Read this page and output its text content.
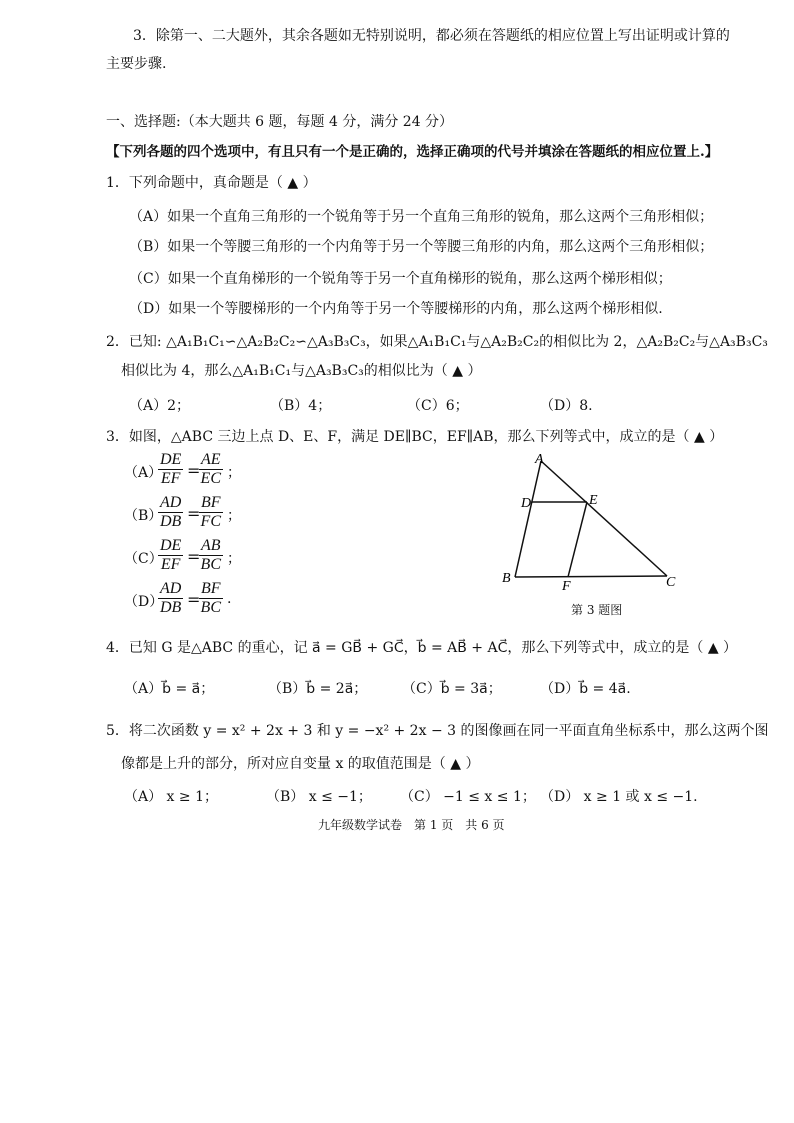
3．除第一、二大题外，其余各题如无特别说明，都必须在答题纸的相应位置上写出证明或计算的
主要步骤.
一、选择题:（本大题共 6 题，每题 4 分，满分 24 分）
【下列各题的四个选项中，有且只有一个是正确的，选择正确项的代号并填涂在答题纸的相应位置上.】
1．下列命题中，真命题是（ ▲ ）
（A）如果一个直角三角形的一个锐角等于另一个直角三角形的锐角，那么这两个三角形相似；
（B）如果一个等腰三角形的一个内角等于另一个等腰三角形的内角，那么这两个三角形相似；
（C）如果一个直角梯形的一个锐角等于另一个直角梯形的锐角，那么这两个梯形相似；
（D）如果一个等腰梯形的一个内角等于另一个等腰梯形的内角，那么这两个梯形相似.
2．已知: △A₁B₁C₁∽△A₂B₂C₂∽△A₃B₃C₃，如果△A₁B₁C₁与△A₂B₂C₂的相似比为 2，△A₂B₂C₂与△A₃B₃C₃
相似比为 4，那么△A₁B₁C₁与△A₃B₃C₃的相似比为（ ▲ ）
（A）2；	（B）4；	（C）6；	（D）8.
3．如图，△ABC 三边上点 D、E、F，满足 DE∥BC，EF∥AB，那么下列等式中，成立的是（ ▲ ）
（A）
$\frac{DE}{EF}$ =
$\frac{AE}{EC}$ ；
（B）
$\frac{AD}{DB}$ =
$\frac{BF}{FC}$ ；
（C）
$\frac{DE}{EF}$ =
$\frac{AB}{BC}$ ；
（D）
$\frac{AD}{DB}$ =
$\frac{BF}{BC}$ .
A
B	C
D	E
F
第 3 题图
4．已知 G 是△ABC 的重心，记 a⃗ = GB⃗ + GC⃗，b⃗ = AB⃗ + AC⃗，那么下列等式中，成立的是（ ▲ ）
（A）b⃗ = a⃗；	（B）b⃗ = 2a⃗； （C）b⃗ = 3a⃗；	（D）b⃗ = 4a⃗.
5．将二次函数 y = x² + 2x + 3 和 y = −x² + 2x − 3 的图像画在同一平面直角坐标系中，那么这两个图
像都是上升的部分，所对应自变量 x 的取值范围是（ ▲ ）
（A） x ≥ 1；	（B） x ≤ −1； （C） −1 ≤ x ≤ 1； （D） x ≥ 1 或 x ≤ −1.
九年级数学试卷　第 1 页　共 6 页
